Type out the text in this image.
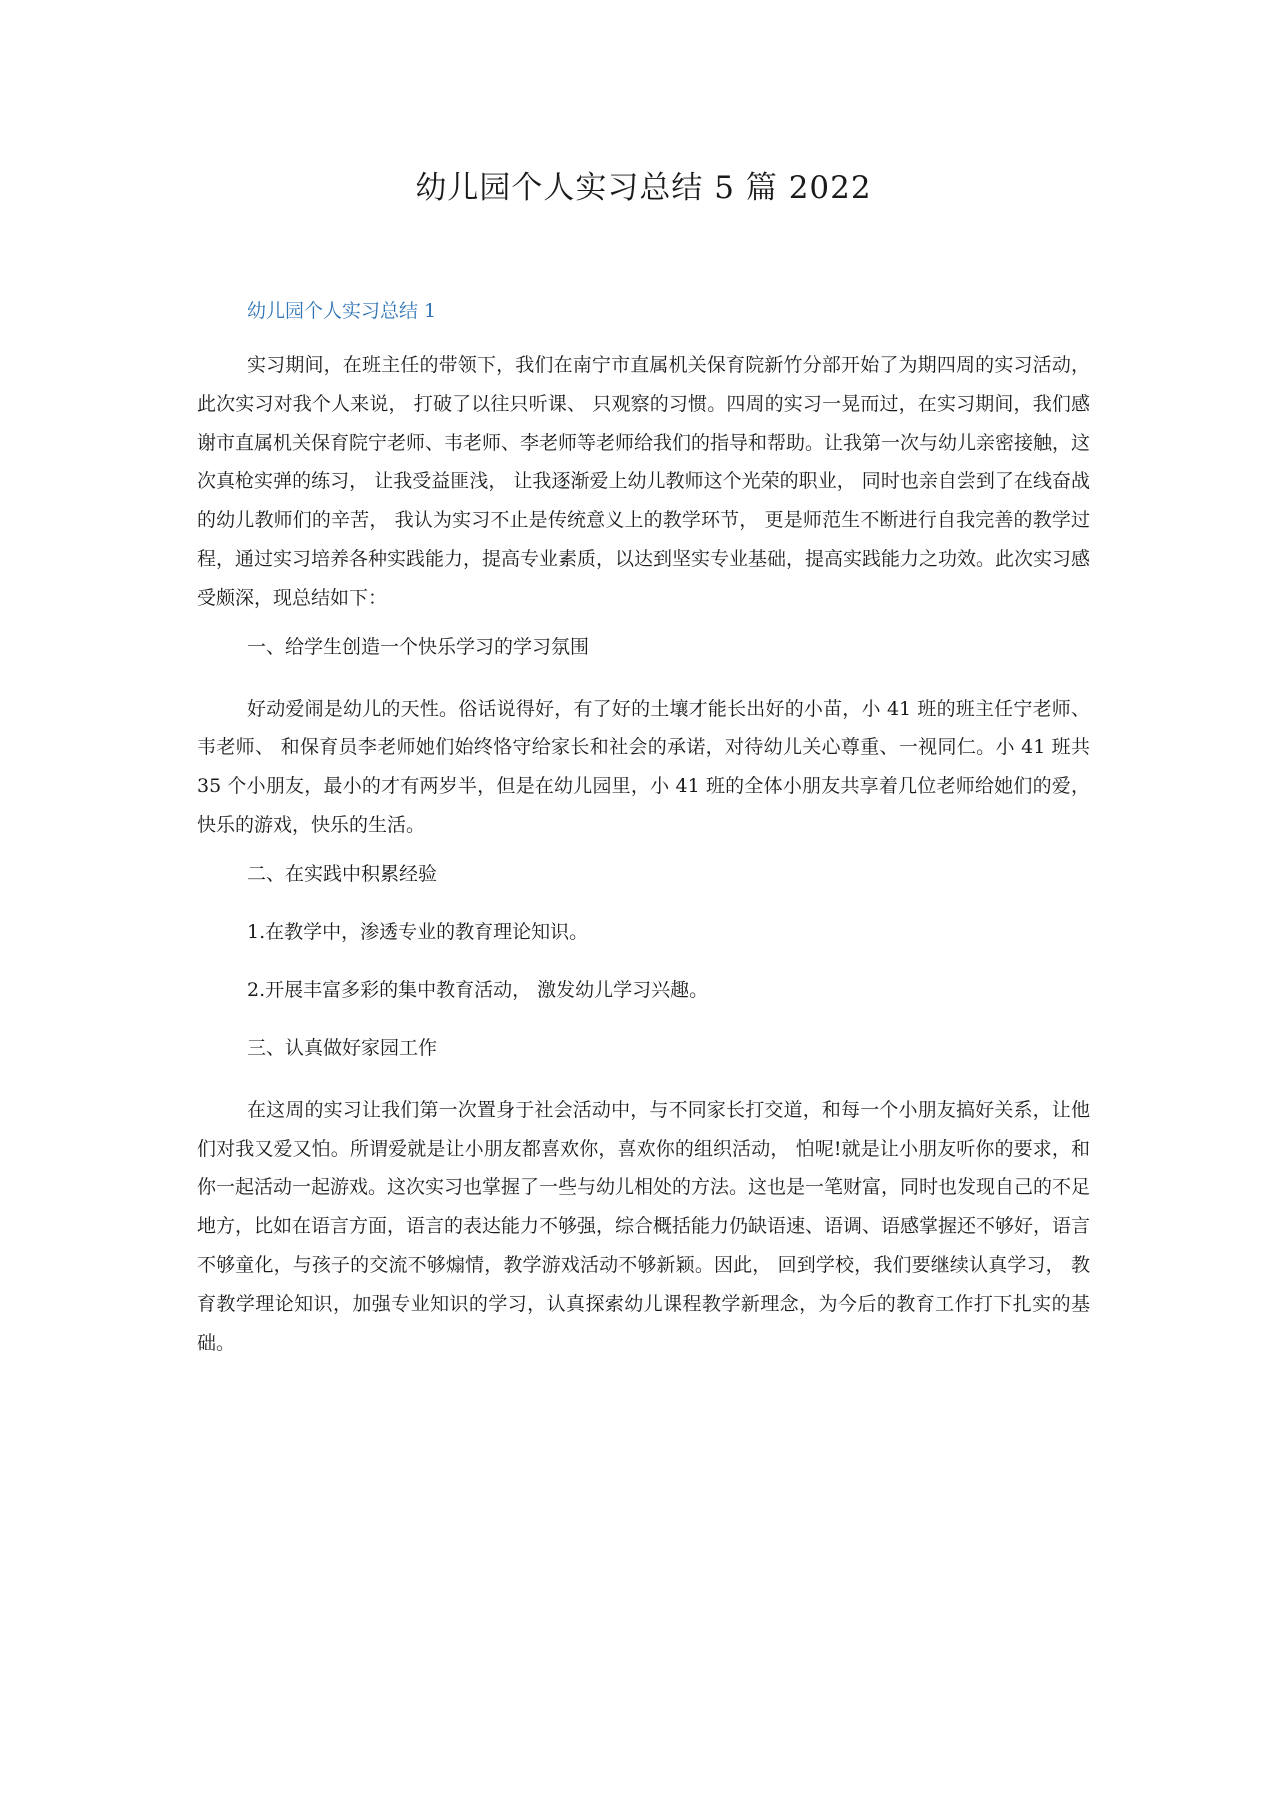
幼儿园个人实习总结 5 篇 2022
幼儿园个人实习总结 1

实习期间，在班主任的带领下，我们在南宁市直属机关保育院新竹分部开始了为期四周的实习活动， 此次实习对我个人来说， 打破了以往只听课、 只观察的习惯。四周的实习一晃而过，在实习期间，我们感谢市直属机关保育院宁老师、韦老师、李老师等老师给我们的指导和帮助。让我第一次与幼儿亲密接触，这次真枪实弹的练习， 让我受益匪浅， 让我逐渐爱上幼儿教师这个光荣的职业， 同时也亲自尝到了在线奋战的幼儿教师们的辛苦， 我认为实习不止是传统意义上的教学环节， 更是师范生不断进行自我完善的教学过程，通过实习培养各种实践能力，提高专业素质，以达到坚实专业基础，提高实践能力之功效。此次实习感受颇深，现总结如下：

一、给学生创造一个快乐学习的学习氛围

好动爱闹是幼儿的天性。俗话说得好，有了好的土壤才能长出好的小苗，小 41 班的班主任宁老师、 韦老师、 和保育员李老师她们始终恪守给家长和社会的承诺，对待幼儿关心尊重、一视同仁。小 41 班共 35 个小朋友，最小的才有两岁半，但是在幼儿园里，小 41 班的全体小朋友共享着几位老师给她们的爱， 快乐的游戏，快乐的生活。

二、在实践中积累经验

1.在教学中，渗透专业的教育理论知识。

2.开展丰富多彩的集中教育活动， 激发幼儿学习兴趣。

三、认真做好家园工作

在这周的实习让我们第一次置身于社会活动中，与不同家长打交道，和每一个小朋友搞好关系，让他们对我又爱又怕。所谓爱就是让小朋友都喜欢你，喜欢你的组织活动， 怕呢!就是让小朋友听你的要求，和你一起活动一起游戏。这次实习也掌握了一些与幼儿相处的方法。这也是一笔财富，同时也发现自己的不足地方，比如在语言方面，语言的表达能力不够强，综合概括能力仍缺语速、语调、语感掌握还不够好，语言不够童化，与孩子的交流不够煽情，教学游戏活动不够新颖。因此， 回到学校，我们要继续认真学习， 教育教学理论知识，加强专业知识的学习，认真探索幼儿课程教学新理念，为今后的教育工作打下扎实的基础。
